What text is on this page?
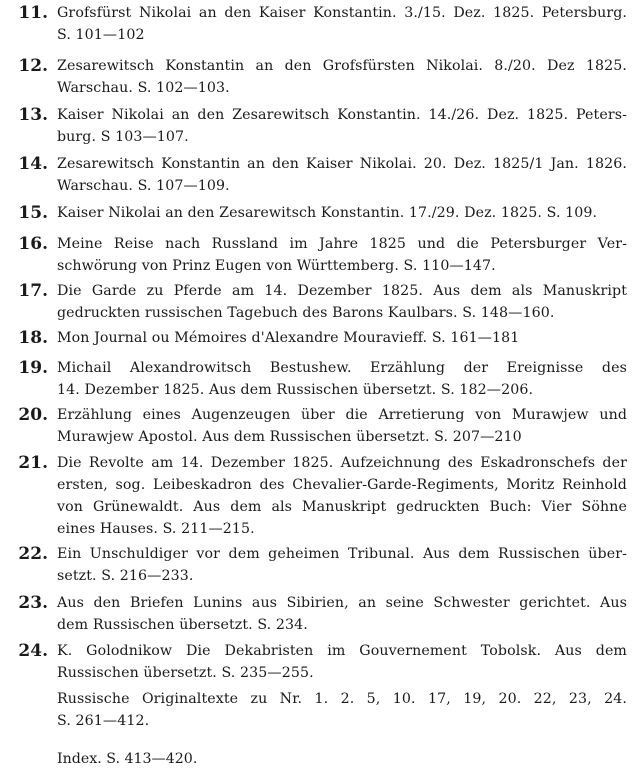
11. Grofsfürst Nikolai an den Kaiser Konstantin. 3./15. Dez. 1825. Petersburg.
S. 101—102
12. Zesarewitsch Konstantin an den Grofsfürsten Nikolai. 8./20. Dez 1825.
Warschau. S. 102—103.
13. Kaiser Nikolai an den Zesarewitsch Konstantin. 14./26. Dez. 1825. Peters-
burg. S 103—107.
14. Zesarewitsch Konstantin an den Kaiser Nikolai. 20. Dez. 1825/1 Jan. 1826.
Warschau. S. 107—109.
15. Kaiser Nikolai an den Zesarewitsch Konstantin. 17./29. Dez. 1825. S. 109.
16. Meine Reise nach Russland im Jahre 1825 und die Petersburger Ver-
schwörung von Prinz Eugen von Württemberg. S. 110—147.
17. Die Garde zu Pferde am 14. Dezember 1825. Aus dem als Manuskript
gedruckten russischen Tagebuch des Barons Kaulbars. S. 148—160.
18. Mon Journal ou Mémoires d'Alexandre Mouravieff. S. 161—181
19. Michail Alexandrowitsch Bestushew. Erzählung der Ereignisse des
14. Dezember 1825. Aus dem Russischen übersetzt. S. 182—206.
20. Erzählung eines Augenzeugen über die Arretierung von Murawjew und
Murawjew Apostol. Aus dem Russischen übersetzt. S. 207—210
21. Die Revolte am 14. Dezember 1825. Aufzeichnung des Eskadronschefs der
ersten, sog. Leibeskadron des Chevalier-Garde-Regiments, Moritz Reinhold
von Grünewaldt. Aus dem als Manuskript gedruckten Buch: Vier Söhne
eines Hauses. S. 211—215.
22. Ein Unschuldiger vor dem geheimen Tribunal. Aus dem Russischen über-
setzt. S. 216—233.
23. Aus den Briefen Lunins aus Sibirien, an seine Schwester gerichtet. Aus
dem Russischen übersetzt. S. 234.
24. K. Golodnikow Die Dekabristen im Gouvernement Tobolsk. Aus dem
Russischen übersetzt. S. 235—255.
Russische Originaltexte zu Nr. 1. 2. 5, 10. 17, 19, 20. 22, 23, 24.
S. 261—412.
Index. S. 413—420.
